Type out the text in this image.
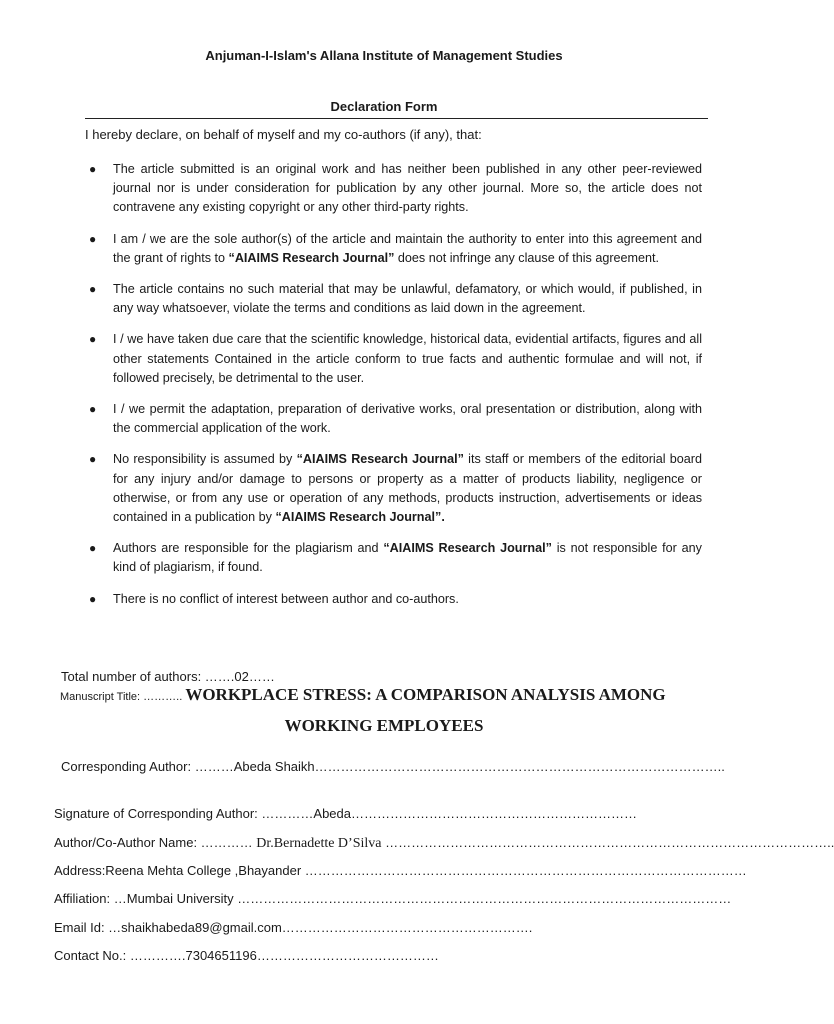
Anjuman-I-Islam's Allana Institute of Management Studies
Declaration Form
I hereby declare, on behalf of myself and my co-authors (if any), that:
● The article submitted is an original work and has neither been published in any other peer-reviewed journal nor is under consideration for publication by any other journal. More so, the article does not contravene any existing copyright or any other third-party rights.
● I am / we are the sole author(s) of the article and maintain the authority to enter into this agreement and the grant of rights to “AIAIMS Research Journal” does not infringe any clause of this agreement.
● The article contains no such material that may be unlawful, defamatory, or which would, if published, in any way whatsoever, violate the terms and conditions as laid down in the agreement.
● I / we have taken due care that the scientific knowledge, historical data, evidential artifacts, figures and all other statements Contained in the article conform to true facts and authentic formulae and will not, if followed precisely, be detrimental to the user.
● I / we permit the adaptation, preparation of derivative works, oral presentation or distribution, along with the commercial application of the work.
● No responsibility is assumed by “AIAIMS Research Journal” its staff or members of the editorial board for any injury and/or damage to persons or property as a matter of products liability, negligence or otherwise, or from any use or operation of any methods, products instruction, advertisements or ideas contained in a publication by “AIAIMS Research Journal”.
● Authors are responsible for the plagiarism and “AIAIMS Research Journal” is not responsible for any kind of plagiarism, if found.
● There is no conflict of interest between author and co-authors.
Total number of authors: …….02……
Manuscript Title: ……….. WORKPLACE STRESS: A COMPARISON ANALYSIS AMONG
WORKING EMPLOYEES
Corresponding Author: ………Abeda Shaikh…………………………………………………………………………………..
Signature of Corresponding Author: …………Abeda…………………………………………………………
Author/Co-Author Name: ………… Dr.Bernadette D’Silva …………………………………………………………………………………………..
Address:Reena Mehta College ,Bhayander …………………………………………………………………………………………
Affiliation: …Mumbai University ……………………………………………………………………………………………………
Email Id: …shaikhabeda89@gmail.com………………………………………………….
Contact No.: ………….7304651196……………………………………
